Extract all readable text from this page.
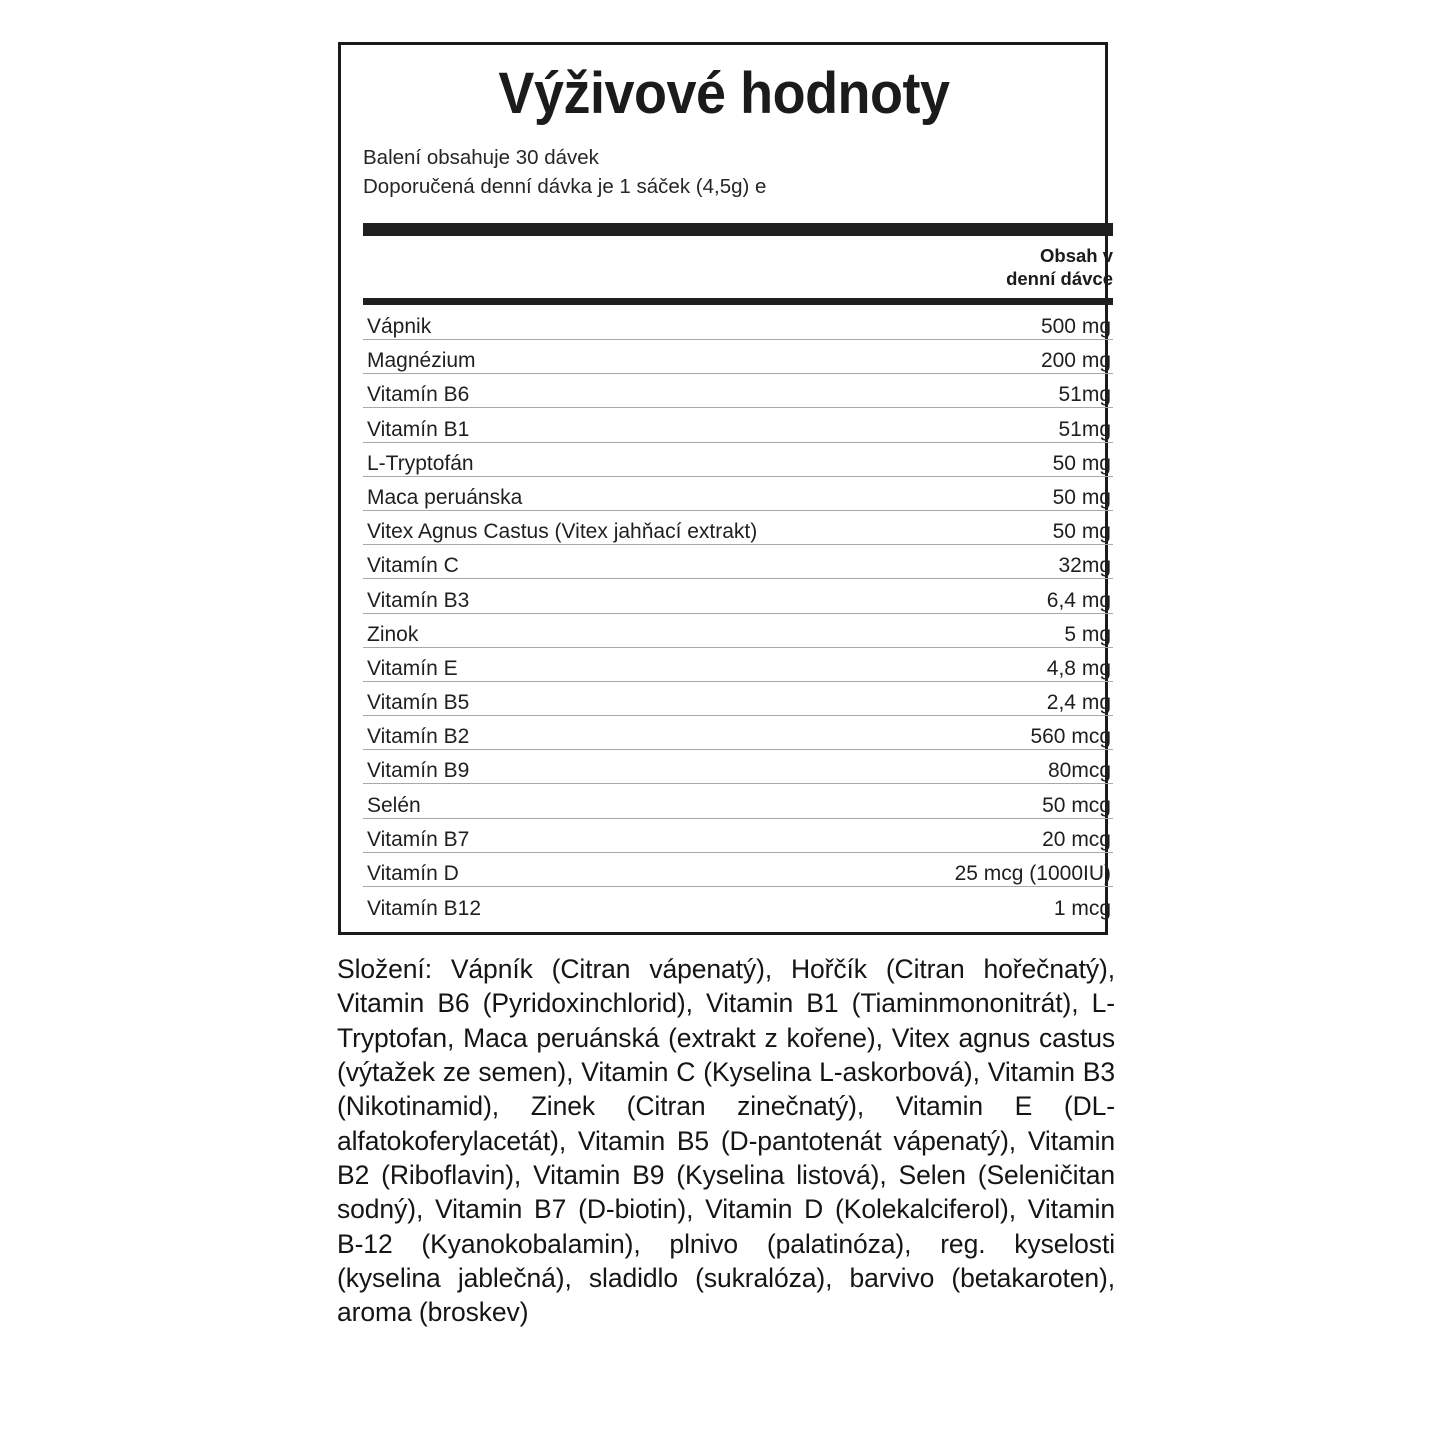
Výživové hodnoty
Balení obsahuje 30 dávek
Doporučená denní dávka je 1 sáček (4,5g) e
Obsah v
denní dávce
Vápnik	500 mg
Magnézium	200 mg
Vitamín B6	51mg
Vitamín B1	51mg
L-Tryptofán	50 mg
Maca peruánska	50 mg
Vitex Agnus Castus (Vitex jahňací extrakt)	50 mg
Vitamín C	32mg
Vitamín B3	6,4 mg
Zinok	5 mg
Vitamín E	4,8 mg
Vitamín B5	2,4 mg
Vitamín B2	560 mcg
Vitamín B9	80mcg
Selén	50 mcg
Vitamín B7	20 mcg
Vitamín D	25 mcg (1000IU)
Vitamín B12	1 mcg

Složení: Vápník (Citran vápenatý), Hořčík (Citran hořečnatý), Vitamin B6 (Pyridoxinchlorid), Vitamin B1 (Tiaminmononitrát), L-Tryptofan, Maca peruánská (extrakt z kořene), Vitex agnus castus (výtažek ze semen), Vitamin C (Kyselina L-askorbová), Vitamin B3 (Nikotinamid), Zinek (Citran zinečnatý), Vitamin E (DL-alfatokoferylacetát), Vitamin B5 (D-pantotenát vápenatý), Vitamin B2 (Riboflavin), Vitamin B9 (Kyselina listová), Selen (Seleničitan sodný), Vitamin B7 (D-biotin), Vitamin D (Kolekalciferol), Vitamin B-12 (Kyanokobalamin), plnivo (palatinóza), reg. kyselosti (kyselina jablečná), sladidlo (sukralóza), barvivo (betakaroten), aroma (broskev)
